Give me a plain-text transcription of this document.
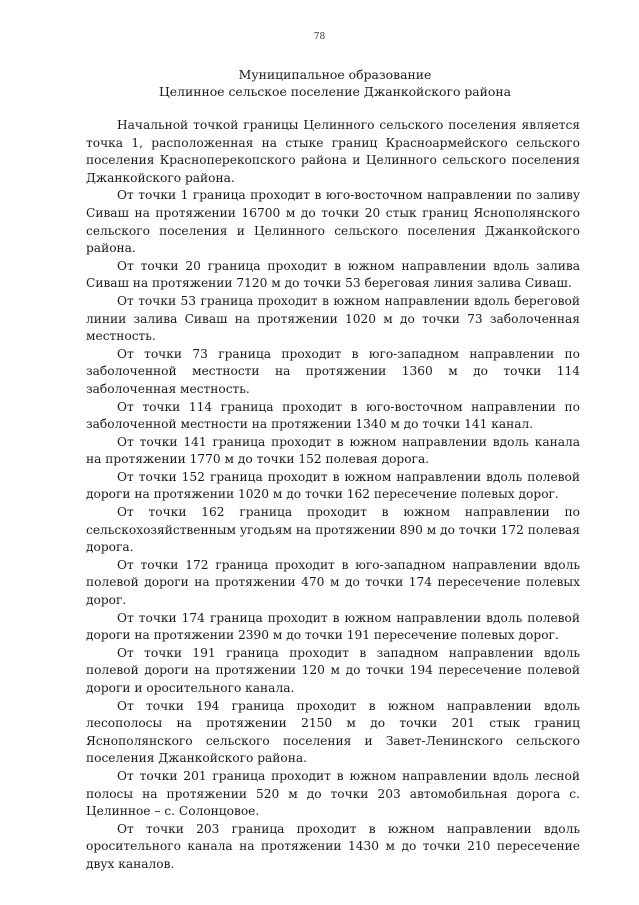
78
Муниципальное образование
Целинное сельское поселение Джанкойского района

Начальной точкой границы Целинного сельского поселения является точка 1, расположенная на стыке границ Красноармейского сельского поселения Красноперекопского района и Целинного сельского поселения Джанкойского района.

От точки 1 граница проходит в юго-восточном направлении по заливу Сиваш на протяжении 16700 м до точки 20 стык границ Яснополянского сельского поселения и Целинного сельского поселения Джанкойского района.

От точки 20 граница проходит в южном направлении вдоль залива Сиваш на протяжении 7120 м до точки 53 береговая линия залива Сиваш.

От точки 53 граница проходит в южном направлении вдоль береговой линии залива Сиваш на протяжении 1020 м до точки 73 заболоченная местность.

От точки 73 граница проходит в юго-западном направлении по заболоченной местности на протяжении 1360 м до точки 114 заболоченная местность.

От точки 114 граница проходит в юго-восточном направлении по заболоченной местности на протяжении 1340 м до точки 141 канал.

От точки 141 граница проходит в южном направлении вдоль канала на протяжении 1770 м до точки 152 полевая дорога.

От точки 152 граница проходит в южном направлении вдоль полевой дороги на протяжении 1020 м до точки 162 пересечение полевых дорог.

От точки 162 граница проходит в южном направлении по сельскохозяйственным угодьям на протяжении 890 м до точки 172 полевая дорога.

От точки 172 граница проходит в юго-западном направлении вдоль полевой дороги на протяжении 470 м до точки 174 пересечение полевых дорог.

От точки 174 граница проходит в южном направлении вдоль полевой дороги на протяжении 2390 м до точки 191 пересечение полевых дорог.

От точки 191 граница проходит в западном направлении вдоль полевой дороги на протяжении 120 м до точки 194 пересечение полевой дороги и оросительного канала.

От точки 194 граница проходит в южном направлении вдоль лесополосы на протяжении 2150 м до точки 201 стык границ Яснополянского сельского поселения и Завет-Ленинского сельского поселения Джанкойского района.

От точки 201 граница проходит в южном направлении вдоль лесной полосы на протяжении 520 м до точки 203 автомобильная дорога с. Целинное – с. Солонцовое.

От точки 203 граница проходит в южном направлении вдоль оросительного канала на протяжении 1430 м до точки 210 пересечение двух каналов.
